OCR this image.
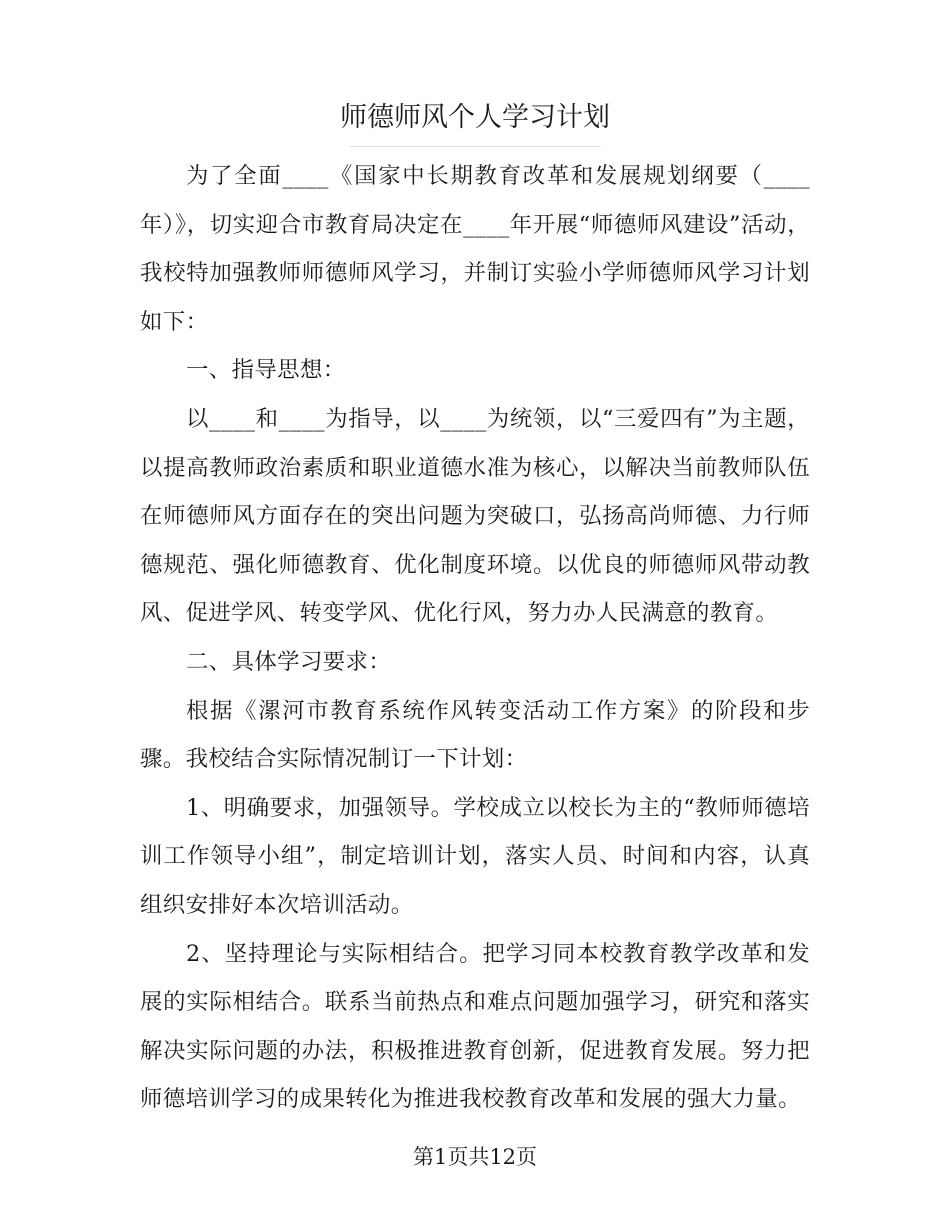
师德师风个人学习计划

为了全面____《国家中长期教育改革和发展规划纲要（____年）》，切实迎合市教育局决定在____年开展“师德师风建设”活动，我校特加强教师师德师风学习，并制订实验小学师德师风学习计划如下：

一、指导思想：

以____和____为指导，以____为统领，以“三爱四有”为主题，以提高教师政治素质和职业道德水准为核心，以解决当前教师队伍在师德师风方面存在的突出问题为突破口，弘扬高尚师德、力行师德规范、强化师德教育、优化制度环境。以优良的师德师风带动教风、促进学风、转变学风、优化行风，努力办人民满意的教育。

二、具体学习要求：

根据《漯河市教育系统作风转变活动工作方案》的阶段和步骤。我校结合实际情况制订一下计划：

1、明确要求，加强领导。学校成立以校长为主的“教师师德培训工作领导小组”，制定培训计划，落实人员、时间和内容，认真组织安排好本次培训活动。

2、坚持理论与实际相结合。把学习同本校教育教学改革和发展的实际相结合。联系当前热点和难点问题加强学习，研究和落实解决实际问题的办法，积极推进教育创新，促进教育发展。努力把师德培训学习的成果转化为推进我校教育改革和发展的强大力量。

第1页共12页
